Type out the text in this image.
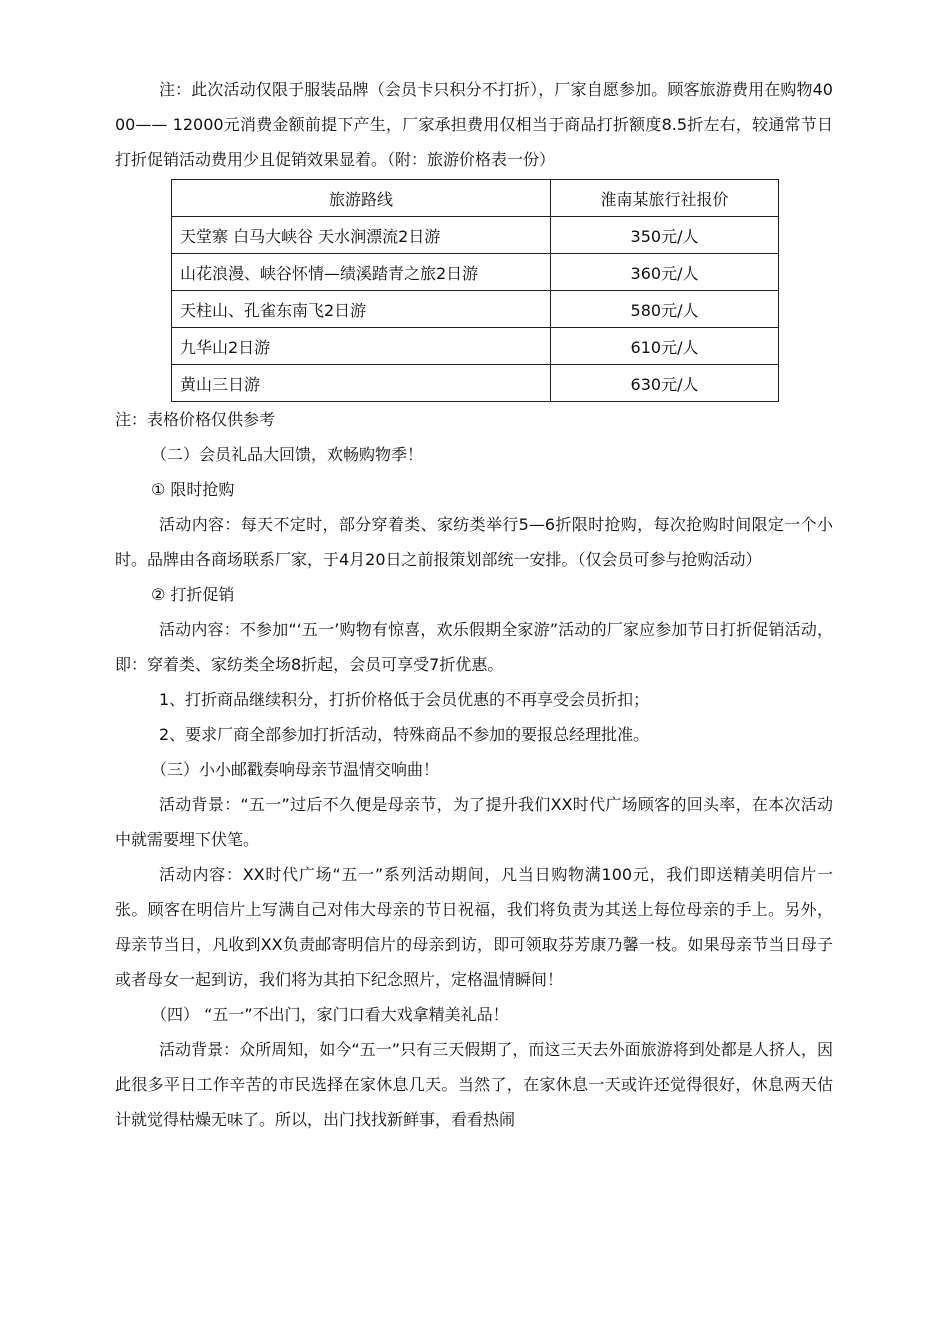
注：此次活动仅限于服装品牌（会员卡只积分不打折），厂家自愿参加。顾客旅游费用在购物4000—— 12000元消费金额前提下产生，厂家承担费用仅相当于商品打折额度8.5折左右，较通常节日打折促销活动费用少且促销效果显着。（附：旅游价格表一份）

旅游路线	淮南某旅行社报价
天堂寨 白马大峡谷 天水涧漂流2日游	350元/人
山花浪漫、峡谷怀情—绩溪踏青之旅2日游	360元/人
天柱山、孔雀东南飞2日游	580元/人
九华山2日游	610元/人
黄山三日游	630元/人

注：表格价格仅供参考

（二）会员礼品大回馈，欢畅购物季！

① 限时抢购

活动内容：每天不定时，部分穿着类、家纺类举行5—6折限时抢购，每次抢购时间限定一个小时。品牌由各商场联系厂家，于4月20日之前报策划部统一安排。（仅会员可参与抢购活动）

② 打折促销

活动内容：不参加“‘五一’购物有惊喜，欢乐假期全家游”活动的厂家应参加节日打折促销活动，即：穿着类、家纺类全场8折起，会员可享受7折优惠。

1、打折商品继续积分，打折价格低于会员优惠的不再享受会员折扣；

2、要求厂商全部参加打折活动，特殊商品不参加的要报总经理批准。

（三）小小邮戳奏响母亲节温情交响曲！

活动背景：“五一”过后不久便是母亲节，为了提升我们XX时代广场顾客的回头率，在本次活动中就需要埋下伏笔。

活动内容：XX时代广场“五一”系列活动期间，凡当日购物满100元，我们即送精美明信片一张。顾客在明信片上写满自己对伟大母亲的节日祝福，我们将负责为其送上每位母亲的手上。另外，母亲节当日，凡收到XX负责邮寄明信片的母亲到访，即可领取芬芳康乃馨一枝。如果母亲节当日母子或者母女一起到访，我们将为其拍下纪念照片，定格温情瞬间！

（四） “五一”不出门，家门口看大戏拿精美礼品！

活动背景：众所周知，如今“五一”只有三天假期了，而这三天去外面旅游将到处都是人挤人，因此很多平日工作辛苦的市民选择在家休息几天。当然了，在家休息一天或许还觉得很好，休息两天估计就觉得枯燥无味了。所以，出门找找新鲜事，看看热闹
